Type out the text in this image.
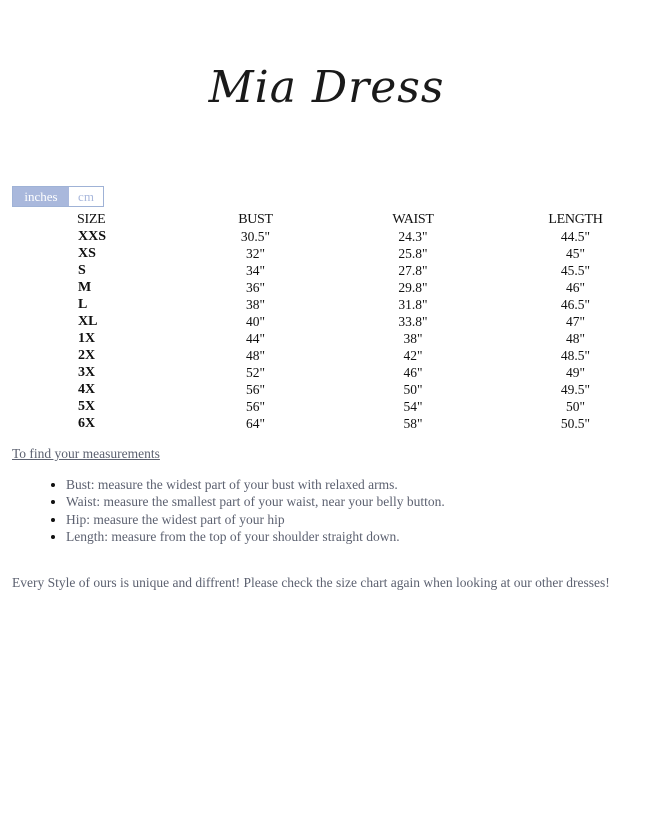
Mia Dress
inches	cm
SIZE	BUST	WAIST	LENGTH
XXS	30.5"	24.3"	44.5"
XS	32"	25.8"	45"
S	34"	27.8"	45.5"
M	36"	29.8"	46"
L	38"	31.8"	46.5"
XL	40"	33.8"	47"
1X	44"	38"	48"
2X	48"	42"	48.5"
3X	52"	46"	49"
4X	56"	50"	49.5"
5X	56"	54"	50"
6X	64"	58"	50.5"
To find your measurements
• Bust: measure the widest part of your bust with relaxed arms.
• Waist: measure the smallest part of your waist, near your belly button.
• Hip: measure the widest part of your hip
• Length: measure from the top of your shoulder straight down.
Every Style of ours is unique and diffrent! Please check the size chart again when looking at our other dresses!
